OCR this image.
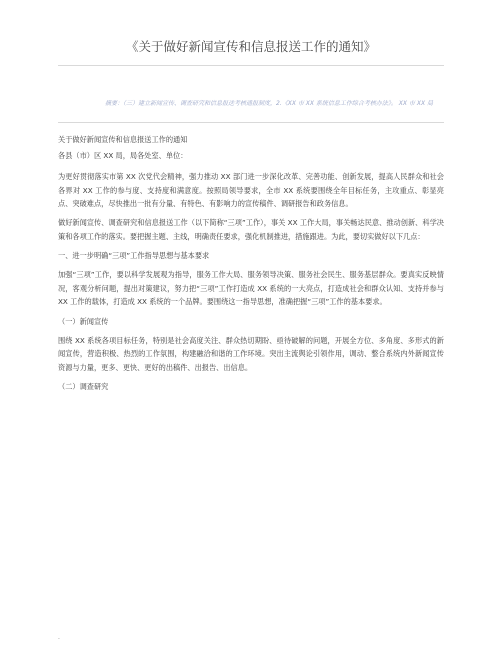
《关于做好新闻宣传和信息报送工作的通知》
摘要：（三）建立新闻宣传、调查研究和信息报送考核通报制度，2.《XX 市 XX 系统信息工作综合考核办法》。 XX 市 XX 局

关于做好新闻宣传和信息报送工作的通知

各县（市）区 XX 局，局各处室、单位：

为更好贯彻落实市第 XX 次党代会精神，强力推动 XX 部门进一步深化改革、完善功能、创新发展，提高人民群众和社会各界对 XX 工作的参与度、支持度和满意度。按照局领导要求，全市 XX 系统要围绕全年目标任务，主攻重点、彰显亮点、突破难点，尽快推出一批有分量、有特色、有影响力的宣传稿件、调研报告和政务信息。

做好新闻宣传、调查研究和信息报送工作（以下简称“三项”工作），事关 XX 工作大局，事关畅达民意、推动创新、科学决策和各项工作的落实。要把握主题、主线，明确责任要求，强化机制推进，措施跟进。为此，要切实做好以下几点：

一、进一步明确“三项”工作指导思想与基本要求

加强“三项”工作，要以科学发展观为指导，服务工作大局、服务领导决策、服务社会民生、服务基层群众。要真实反映情况，客观分析问题，提出对策建议，努力把“三项”工作打造成 XX 系统的一大亮点，打造成社会和群众认知、支持并参与 XX 工作的载体，打造成 XX 系统的一个品牌。要围绕这一指导思想，准确把握“三项”工作的基本要求。

（一）新闻宣传

围绕 XX 系统各项目标任务，特别是社会高度关注、群众热切期盼、亟待破解的问题，开展全方位、多角度、多形式的新闻宣传，营造积极、热烈的工作氛围，构建融洽和谐的工作环境。突出主流舆论引领作用，调动、整合系统内外新闻宣传资源与力量，更多、更快、更好的出稿件、出报告、出信息。

（二）调查研究

.
